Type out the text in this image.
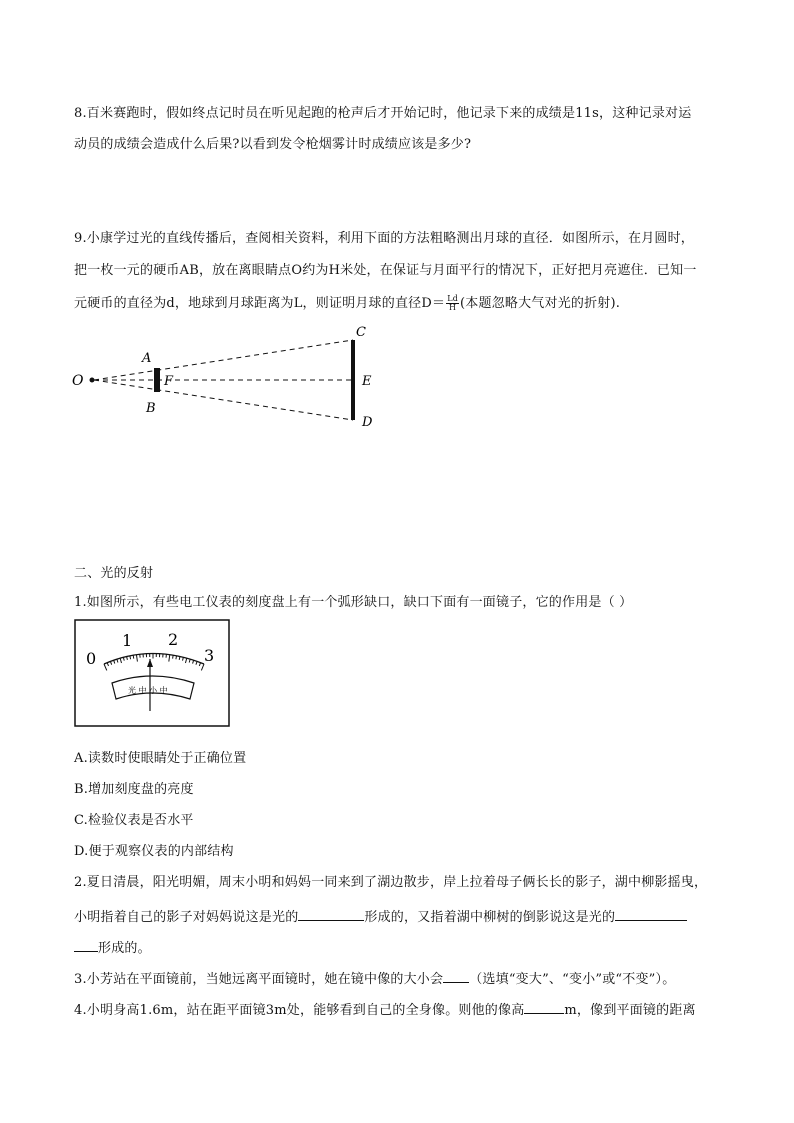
8.百米赛跑时，假如终点记时员在听见起跑的枪声后才开始记时，他记录下来的成绩是11s，这种记录对运
动员的成绩会造成什么后果?以看到发令枪烟雾计时成绩应该是多少?
9.小康学过光的直线传播后，查阅相关资料，利用下面的方法粗略测出月球的直径．如图所示，在月圆时，
把一枚一元的硬币AB，放在离眼睛点O约为H米处，在保证与月面平行的情况下，正好把月亮遮住．已知一
元硬币的直径为d，地球到月球距离为L，则证明月球的直径$D= \frac{Ld}{H}$ (本题忽略大气对光的折射).
O
A
B
F
C
E
D
二、光的反射
1.如图所示，有些电工仪表的刻度盘上有一个弧形缺口，缺口下面有一面镜子，它的作用是（ ）
0
1 2
3
光 中 小 中
A.读数时使眼睛处于正确位置
B.增加刻度盘的亮度
C.检验仪表是否水平
D.便于观察仪表的内部结构
2.夏日清晨，阳光明媚，周末小明和妈妈一同来到了湖边散步，岸上拉着母子俩长长的影子，湖中柳影摇曳，
小明指着自己的影子对妈妈说这是光的	形成的，又指着湖中柳树的倒影说这是光的
形成的。
3.小芳站在平面镜前，当她远离平面镜时，她在镜中像的大小会 （选填“变大”、“变小”或“不变”）。
4.小明身高1.6m，站在距平面镜3m处，能够看到自己的全身像。则他的像高	m，像到平面镜的距离
